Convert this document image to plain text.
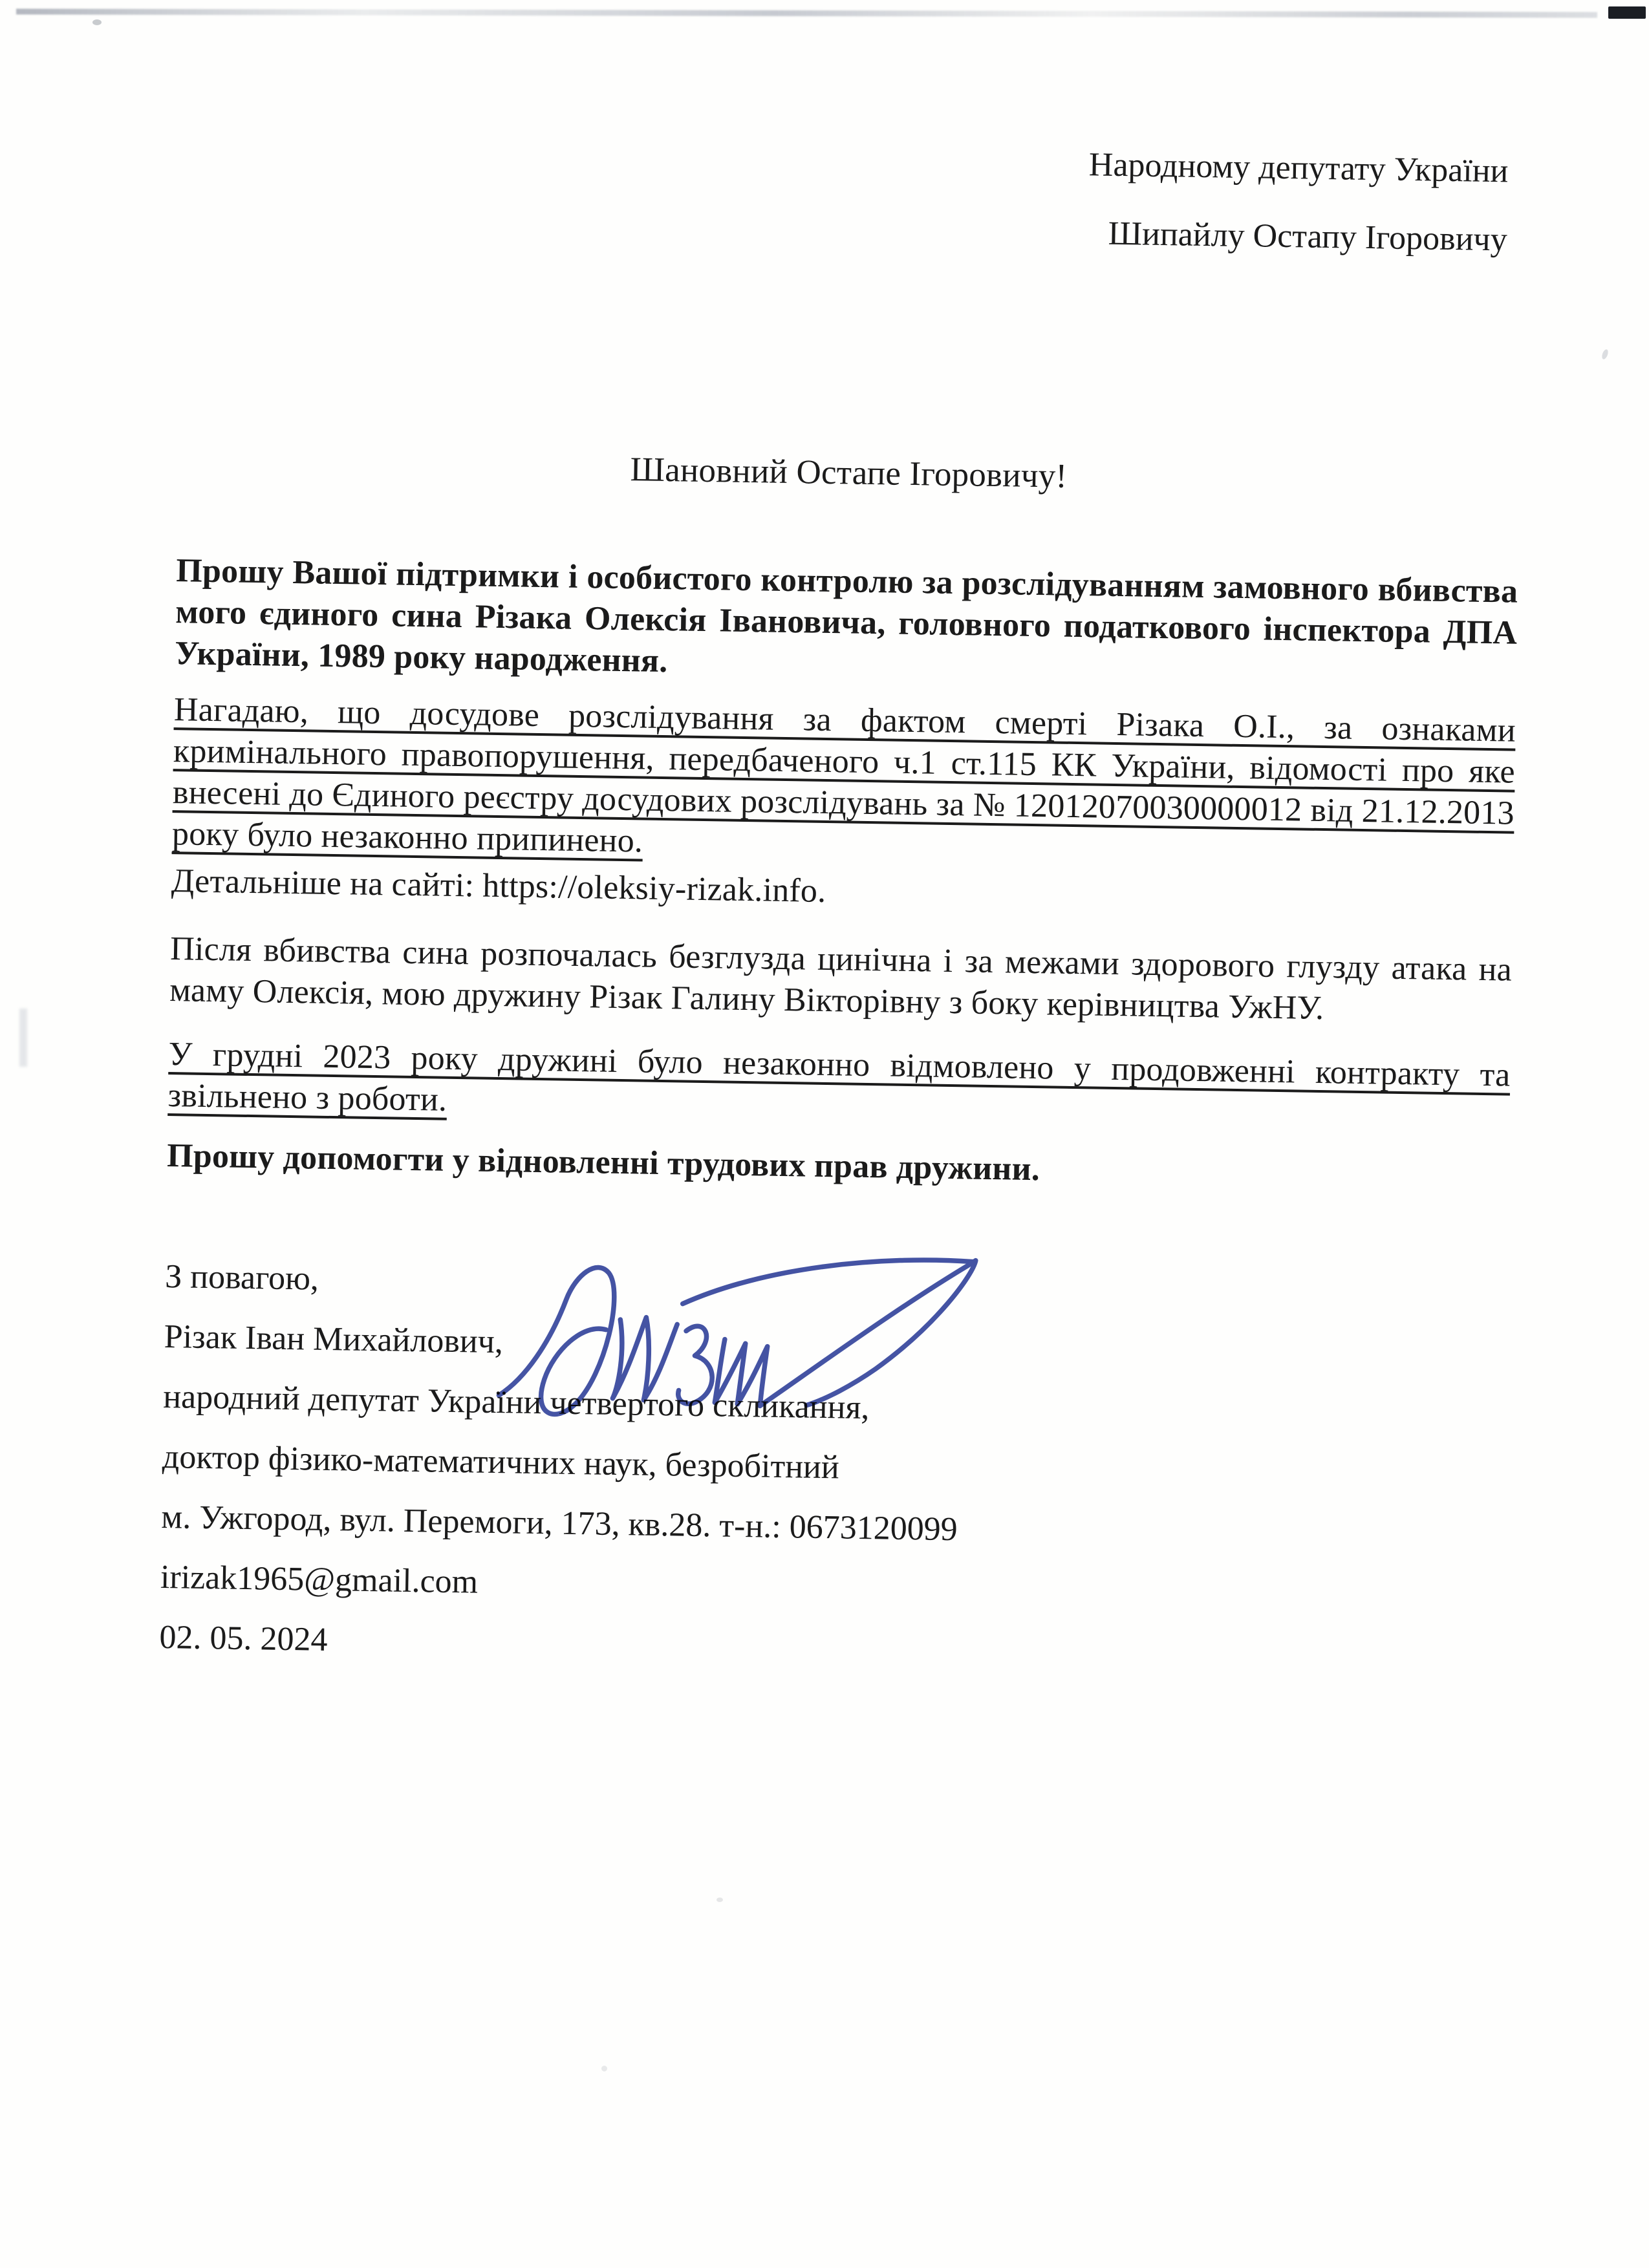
Народному депутату України
Шипайлу Остапу Ігоровичу
Шановний Остапе Ігоровичу!
Прошу Вашої підтримки і особистого контролю за розслідуванням замовного вбивства мого єдиного сина Різака Олексія Івановича, головного податкового інспектора ДПА України, 1989 року народження.
Нагадаю, що досудове розслідування за фактом смерті Різака О.І., за ознаками кримінального правопорушення, передбаченого ч.1 ст.115 КК України, відомості про яке внесені до Єдиного реєстру досудових розслідувань за № 12012070030000012 від 21.12.2013 року було незаконно припинено.
Детальніше на сайті: https://oleksiy-rizak.info.
Після вбивства сина розпочалась безглузда цинічна і за межами здорового глузду атака на маму Олексія, мою дружину Різак Галину Вікторівну з боку керівництва УжНУ.
У грудні 2023 року дружині було незаконно відмовлено у продовженні контракту та звільнено з роботи.
Прошу допомогти у відновленні трудових прав дружини.
З повагою,
Різак Іван Михайлович,
народний депутат України четвертого скликання,
доктор фізико-математичних наук, безробітний
м. Ужгород, вул. Перемоги, 173, кв.28. т-н.: 0673120099
irizak1965@gmail.com
02. 05. 2024
